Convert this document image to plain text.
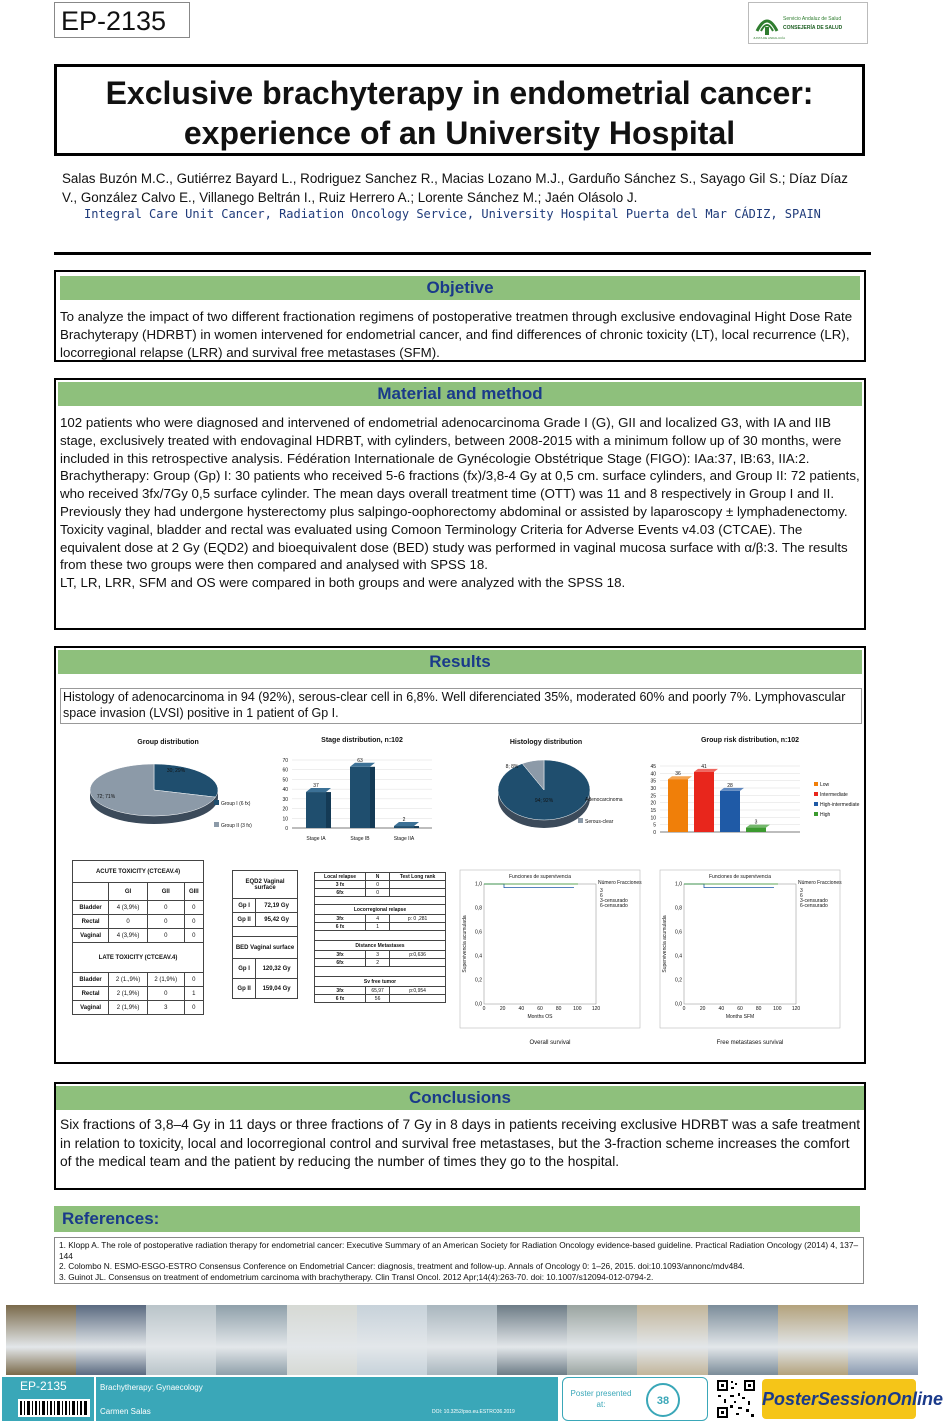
EP-2135	Servicio Andaluz de Salud
CONSEJERÍA DE SALUD
JUNTA DE ANDALUCÍA
Exclusive brachyterapy in endometrial cancer:
experience of an University Hospital
Salas Buzón M.C., Gutiérrez Bayard L., Rodriguez Sanchez R., Macias Lozano M.J., Garduño Sánchez S., Sayago Gil S.; Díaz Díaz V., González Calvo E., Villanego Beltrán I., Ruiz Herrero A.; Lorente Sánchez M.; Jaén Olásolo J.
Integral Care Unit Cancer, Radiation Oncology Service, University Hospital Puerta del Mar CÁDIZ, SPAIN
Objetive
To analyze the impact of two different fractionation regimens of postoperative treatmen through exclusive endovaginal Hight Dose Rate Brachyterapy (HDRBT) in women intervened for endometrial cancer, and find differences of chronic toxicity (LT), local recurrence (LR), locorregional relapse (LRR) and survival free metastases (SFM).
Material and method
102 patients who were diagnosed and intervened of endometrial adenocarcinoma Grade I (G), GII and localized G3, with IA and IIB stage, exclusively treated with endovaginal HDRBT, with cylinders, between 2008-2015 with a minimum follow up of 30 months, were included in this retrospective analysis. Fédération Internationale de Gynécologie Obstétrique Stage (FIGO): IAa:37, IB:63, IIA:2.
Brachytherapy: Group (Gp) I: 30 patients who received 5-6 fractions (fx)/3,8-4 Gy at 0,5 cm. surface cylinders, and Group II: 72 patients, who received 3fx/7Gy 0,5 surface cylinder. The mean days overall treatment time (OTT) was 11 and 8 respectively in Group I and II. Previously they had undergone hysterectomy plus salpingo-oophorectomy abdominal or assisted by laparoscopy ± lymphadenectomy.
Toxicity vaginal, bladder and rectal was evaluated using Comoon Terminology Criteria for Adverse Events v4.03 (CTCAE). The equivalent dose at 2 Gy (EQD2) and bioequivalent dose (BED) study was performed in vaginal mucosa surface with α/β:3. The results from these two groups were then compared and analysed with SPSS 18.
LT, LR, LRR, SFM and OS were compared in both groups and were analyzed with the SPSS 18.
Results
Histology of adenocarcinoma in 94 (92%), serous-clear cell in 6,8%. Well diferenciated 35%, moderated 60% and poorly 7%. Lymphovascular space invasion (LVSI) positive in 1 patient of Gp I.
Group distribution
30; 29%
72; 71%
Group I (6 fx)
Group II (3 fx)
Histology distribution
94; 92%
8; 8%
Adenocarcinoma
Serous-clear
Stage distribution, n:102
0
10
20
30
40
50
60
70
37
Stage IA
63
Stage IB
2
Stage IIA
Group risk distribution, n:102
0
5
10
15
20
25
30
35
40
45
36
Low
41
Intermediate
28
High-intermediate
3
High
ACUTE TOXICITY (CTCEAV.4)			
	GI	GII	GIII
Bladder	4 (3,9%)	0	0
Rectal	0	0	0
Vaginal	4 (3,9%)	0	0
LATE TOXICITY (CTCEAV.4)			
Bladder	2 (1.,9%)	2 (1,9%)	0
Rectal	2 (1,9%)	0	1
Vaginal	2 (1,9%)	3	0
EQD2 Vaginal surface	
Gp I	72,19 Gy
Gp II	95,42 Gy

BED Vaginal surface	
Gp I	120,32 Gy
Gp II	159,04 Gy
Local relapse	N	Test Long rank
3 fx	0	
6fx	0	

Locorregional relapse		
3fx	4	p: 0 ,281
6 fx	1	

Distance Metastases		
3fx	3	p:0,636
6fx	2	

Sv free tumor		
3fx	65,97	p:0,954
6 fx	56	
Funciones de supervivencia
0,0
0,2
0,4
0,6
0,8
1,0
0	20	40	60	80 100 120
Months OS
Supervivencia acumulada
Número Fracciones
3
6
3-censurado
6-censurado
Overall survival
Funciones de supervivencia
0,0
0,2
0,4
0,6
0,8
1,0
0	20	40	60	80 100 120
Months SFM
Supervivencia acumulada
Número Fracciones
3
6
3-censurado
6-censurado
Free metastases survival
Conclusions
Six fractions of 3,8–4 Gy in 11 days or three fractions of 7 Gy in 8 days in patients receiving exclusive HDRBT was a safe treatment in relation to toxicity, local and locorregional control and survival free metastases, but the 3-fraction scheme increases the comfort of the medical team and the patient by reducing the number of times they go to the hospital.
References:
1. Klopp A. The role of postoperative radiation therapy for endometrial cancer: Executive Summary of an American Society for Radiation Oncology evidence-based guideline. Practical Radiation Oncology (2014) 4, 137–144
2. Colombo N. ESMO-ESGO-ESTRO Consensus Conference on Endometrial Cancer: diagnosis, treatment and follow-up. Annals of Oncology 0: 1–26, 2015. doi:10.1093/annonc/mdv484.
3. Guinot JL. Consensus on treatment of endometrium carcinoma with brachytherapy. Clin Transl Oncol. 2012 Apr;14(4):263-70. doi: 10.1007/s12094-012-0794-2.
EP-2135	Brachytherapy: Gynaecology
Carmen Salas	DOI: 10.3252/pso.eu.ESTRO36.2019
Poster presented at:	38	PosterSessionOnline
